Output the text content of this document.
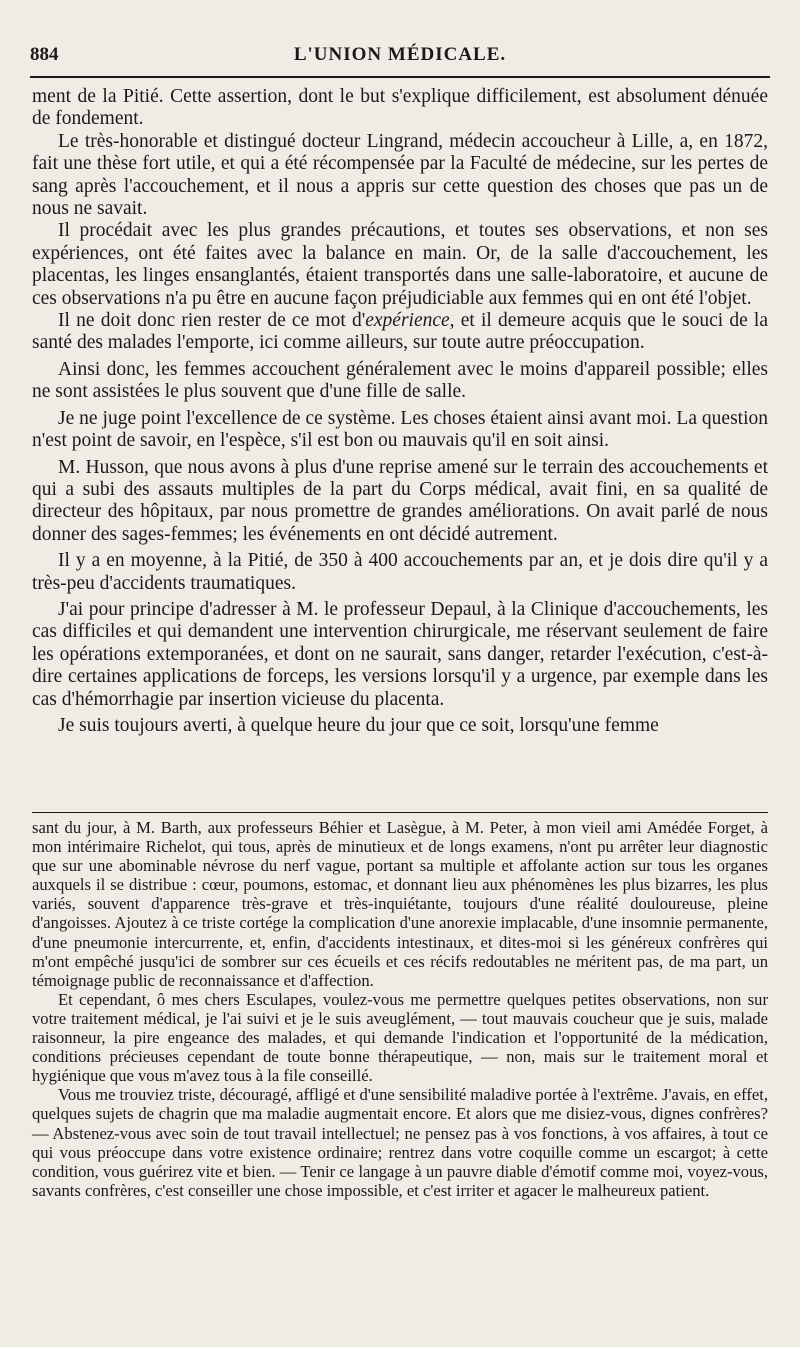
884	L'UNION MÉDICALE.

ment de la Pitié. Cette assertion, dont le but s'explique difficilement, est absolument dénuée de fondement.

Le très-honorable et distingué docteur Lingrand, médecin accoucheur à Lille, a, en 1872, fait une thèse fort utile, et qui a été récompensée par la Faculté de médecine, sur les pertes de sang après l'accouchement, et il nous a appris sur cette question des choses que pas un de nous ne savait.

Il procédait avec les plus grandes précautions, et toutes ses observations, et non ses expériences, ont été faites avec la balance en main. Or, de la salle d'accouchement, les placentas, les linges ensanglantés, étaient transportés dans une salle-laboratoire, et aucune de ces observations n'a pu être en aucune façon préjudiciable aux femmes qui en ont été l'objet.

Il ne doit donc rien rester de ce mot d'expérience, et il demeure acquis que le souci de la santé des malades l'emporte, ici comme ailleurs, sur toute autre préoccupation.

Ainsi donc, les femmes accouchent généralement avec le moins d'appareil possible; elles ne sont assistées le plus souvent que d'une fille de salle.

Je ne juge point l'excellence de ce système. Les choses étaient ainsi avant moi. La question n'est point de savoir, en l'espèce, s'il est bon ou mauvais qu'il en soit ainsi.

M. Husson, que nous avons à plus d'une reprise amené sur le terrain des accouchements et qui a subi des assauts multiples de la part du Corps médical, avait fini, en sa qualité de directeur des hôpitaux, par nous promettre de grandes améliorations. On avait parlé de nous donner des sages-femmes; les événements en ont décidé autrement.

Il y a en moyenne, à la Pitié, de 350 à 400 accouchements par an, et je dois dire qu'il y a très-peu d'accidents traumatiques.

J'ai pour principe d'adresser à M. le professeur Depaul, à la Clinique d'accouchements, les cas difficiles et qui demandent une intervention chirurgicale, me réservant seulement de faire les opérations extemporanées, et dont on ne saurait, sans danger, retarder l'exécution, c'est-à-dire certaines applications de forceps, les versions lorsqu'il y a urgence, par exemple dans les cas d'hémorrhagie par insertion vicieuse du placenta.

Je suis toujours averti, à quelque heure du jour que ce soit, lorsqu'une femme

sant du jour, à M. Barth, aux professeurs Béhier et Lasègue, à M. Peter, à mon vieil ami Amédée Forget, à mon intérimaire Richelot, qui tous, après de minutieux et de longs examens, n'ont pu arrêter leur diagnostic que sur une abominable névrose du nerf vague, portant sa multiple et affolante action sur tous les organes auxquels il se distribue : cœur, poumons, estomac, et donnant lieu aux phénomènes les plus bizarres, les plus variés, souvent d'apparence très-grave et très-inquiétante, toujours d'une réalité douloureuse, pleine d'angoisses. Ajoutez à ce triste cortége la complication d'une anorexie implacable, d'une insomnie permanente, d'une pneumonie intercurrente, et, enfin, d'accidents intestinaux, et dites-moi si les généreux confrères qui m'ont empêché jusqu'ici de sombrer sur ces écueils et ces récifs redoutables ne méritent pas, de ma part, un témoignage public de reconnaissance et d'affection.

Et cependant, ô mes chers Esculapes, voulez-vous me permettre quelques petites observations, non sur votre traitement médical, je l'ai suivi et je le suis aveuglément, — tout mauvais coucheur que je suis, malade raisonneur, la pire engeance des malades, et qui demande l'indication et l'opportunité de la médication, conditions précieuses cependant de toute bonne thérapeutique, — non, mais sur le traitement moral et hygiénique que vous m'avez tous à la file conseillé.

Vous me trouviez triste, découragé, affligé et d'une sensibilité maladive portée à l'extrême. J'avais, en effet, quelques sujets de chagrin que ma maladie augmentait encore. Et alors que me disiez-vous, dignes confrères? — Abstenez-vous avec soin de tout travail intellectuel; ne pensez pas à vos fonctions, à vos affaires, à tout ce qui vous préoccupe dans votre existence ordinaire; rentrez dans votre coquille comme un escargot; à cette condition, vous guérirez vite et bien. — Tenir ce langage à un pauvre diable d'émotif comme moi, voyez-vous, savants confrères, c'est conseiller une chose impossible, et c'est irriter et agacer le malheureux patient.
